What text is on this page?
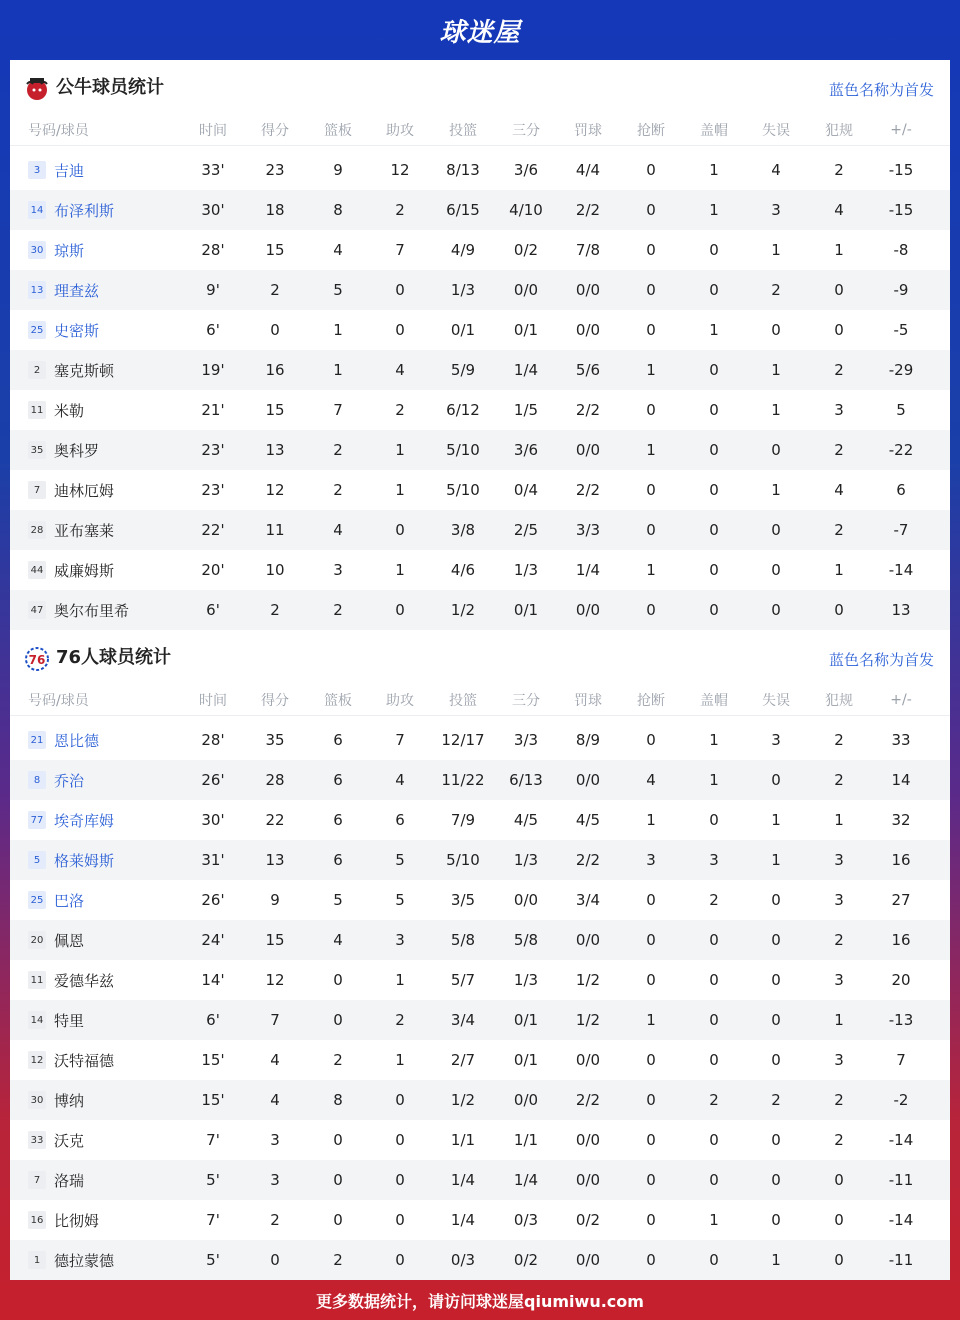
球迷屋
公牛球员统计	蓝色名称为首发
号码/球员	时间	得分	篮板	助攻	投篮	三分	罚球	抢断	盖帽	失误	犯规	+/-
3 吉迪	33'	23	9	12	8/13	3/6	4/4	0	1	4	2	-15
14 布泽利斯	30'	18	8	2	6/15	4/10	2/2	0	1	3	4	-15
30 琼斯	28'	15	4	7	4/9	0/2	7/8	0	0	1	1	-8
13 理查兹	9'	2	5	0	1/3	0/0	0/0	0	0	2	0	-9
25 史密斯	6'	0	1	0	0/1	0/1	0/0	0	1	0	0	-5
2 塞克斯顿	19'	16	1	4	5/9	1/4	5/6	1	0	1	2	-29
11 米勒	21'	15	7	2	6/12	1/5	2/2	0	0	1	3	5
35 奥科罗	23'	13	2	1	5/10	3/6	0/0	1	0	0	2	-22
7 迪林厄姆	23'	12	2	1	5/10	0/4	2/2	0	0	1	4	6
28 亚布塞莱	22'	11	4	0	3/8	2/5	3/3	0	0	0	2	-7
44 威廉姆斯	20'	10	3	1	4/6	1/3	1/4	1	0	0	1	-14
47 奥尔布里希	6'	2	2	0	1/2	0/1	0/0	0	0	0	0	13
76 76人球员统计	蓝色名称为首发
号码/球员	时间	得分	篮板	助攻	投篮	三分	罚球	抢断	盖帽	失误	犯规	+/-
21 恩比德	28'	35	6	7	12/17	3/3	8/9	0	1	3	2	33
8 乔治	26'	28	6	4	11/22	6/13	0/0	4	1	0	2	14
77 埃奇库姆	30'	22	6	6	7/9	4/5	4/5	1	0	1	1	32
5 格莱姆斯	31'	13	6	5	5/10	1/3	2/2	3	3	1	3	16
25 巴洛	26'	9	5	5	3/5	0/0	3/4	0	2	0	3	27
20 佩恩	24'	15	4	3	5/8	5/8	0/0	0	0	0	2	16
11 爱德华兹	14'	12	0	1	5/7	1/3	1/2	0	0	0	3	20
14 特里	6'	7	0	2	3/4	0/1	1/2	1	0	0	1	-13
12 沃特福德	15'	4	2	1	2/7	0/1	0/0	0	0	0	3	7
30 博纳	15'	4	8	0	1/2	0/0	2/2	0	2	2	2	-2
33 沃克	7'	3	0	0	1/1	1/1	0/0	0	0	0	2	-14
7 洛瑞	5'	3	0	0	1/4	1/4	0/0	0	0	0	0	-11
16 比彻姆	7'	2	0	0	1/4	0/3	0/2	0	1	0	0	-14
1 德拉蒙德	5'	0	2	0	0/3	0/2	0/0	0	0	1	0	-11
更多数据统计，请访问球迷屋qiumiwu.com
